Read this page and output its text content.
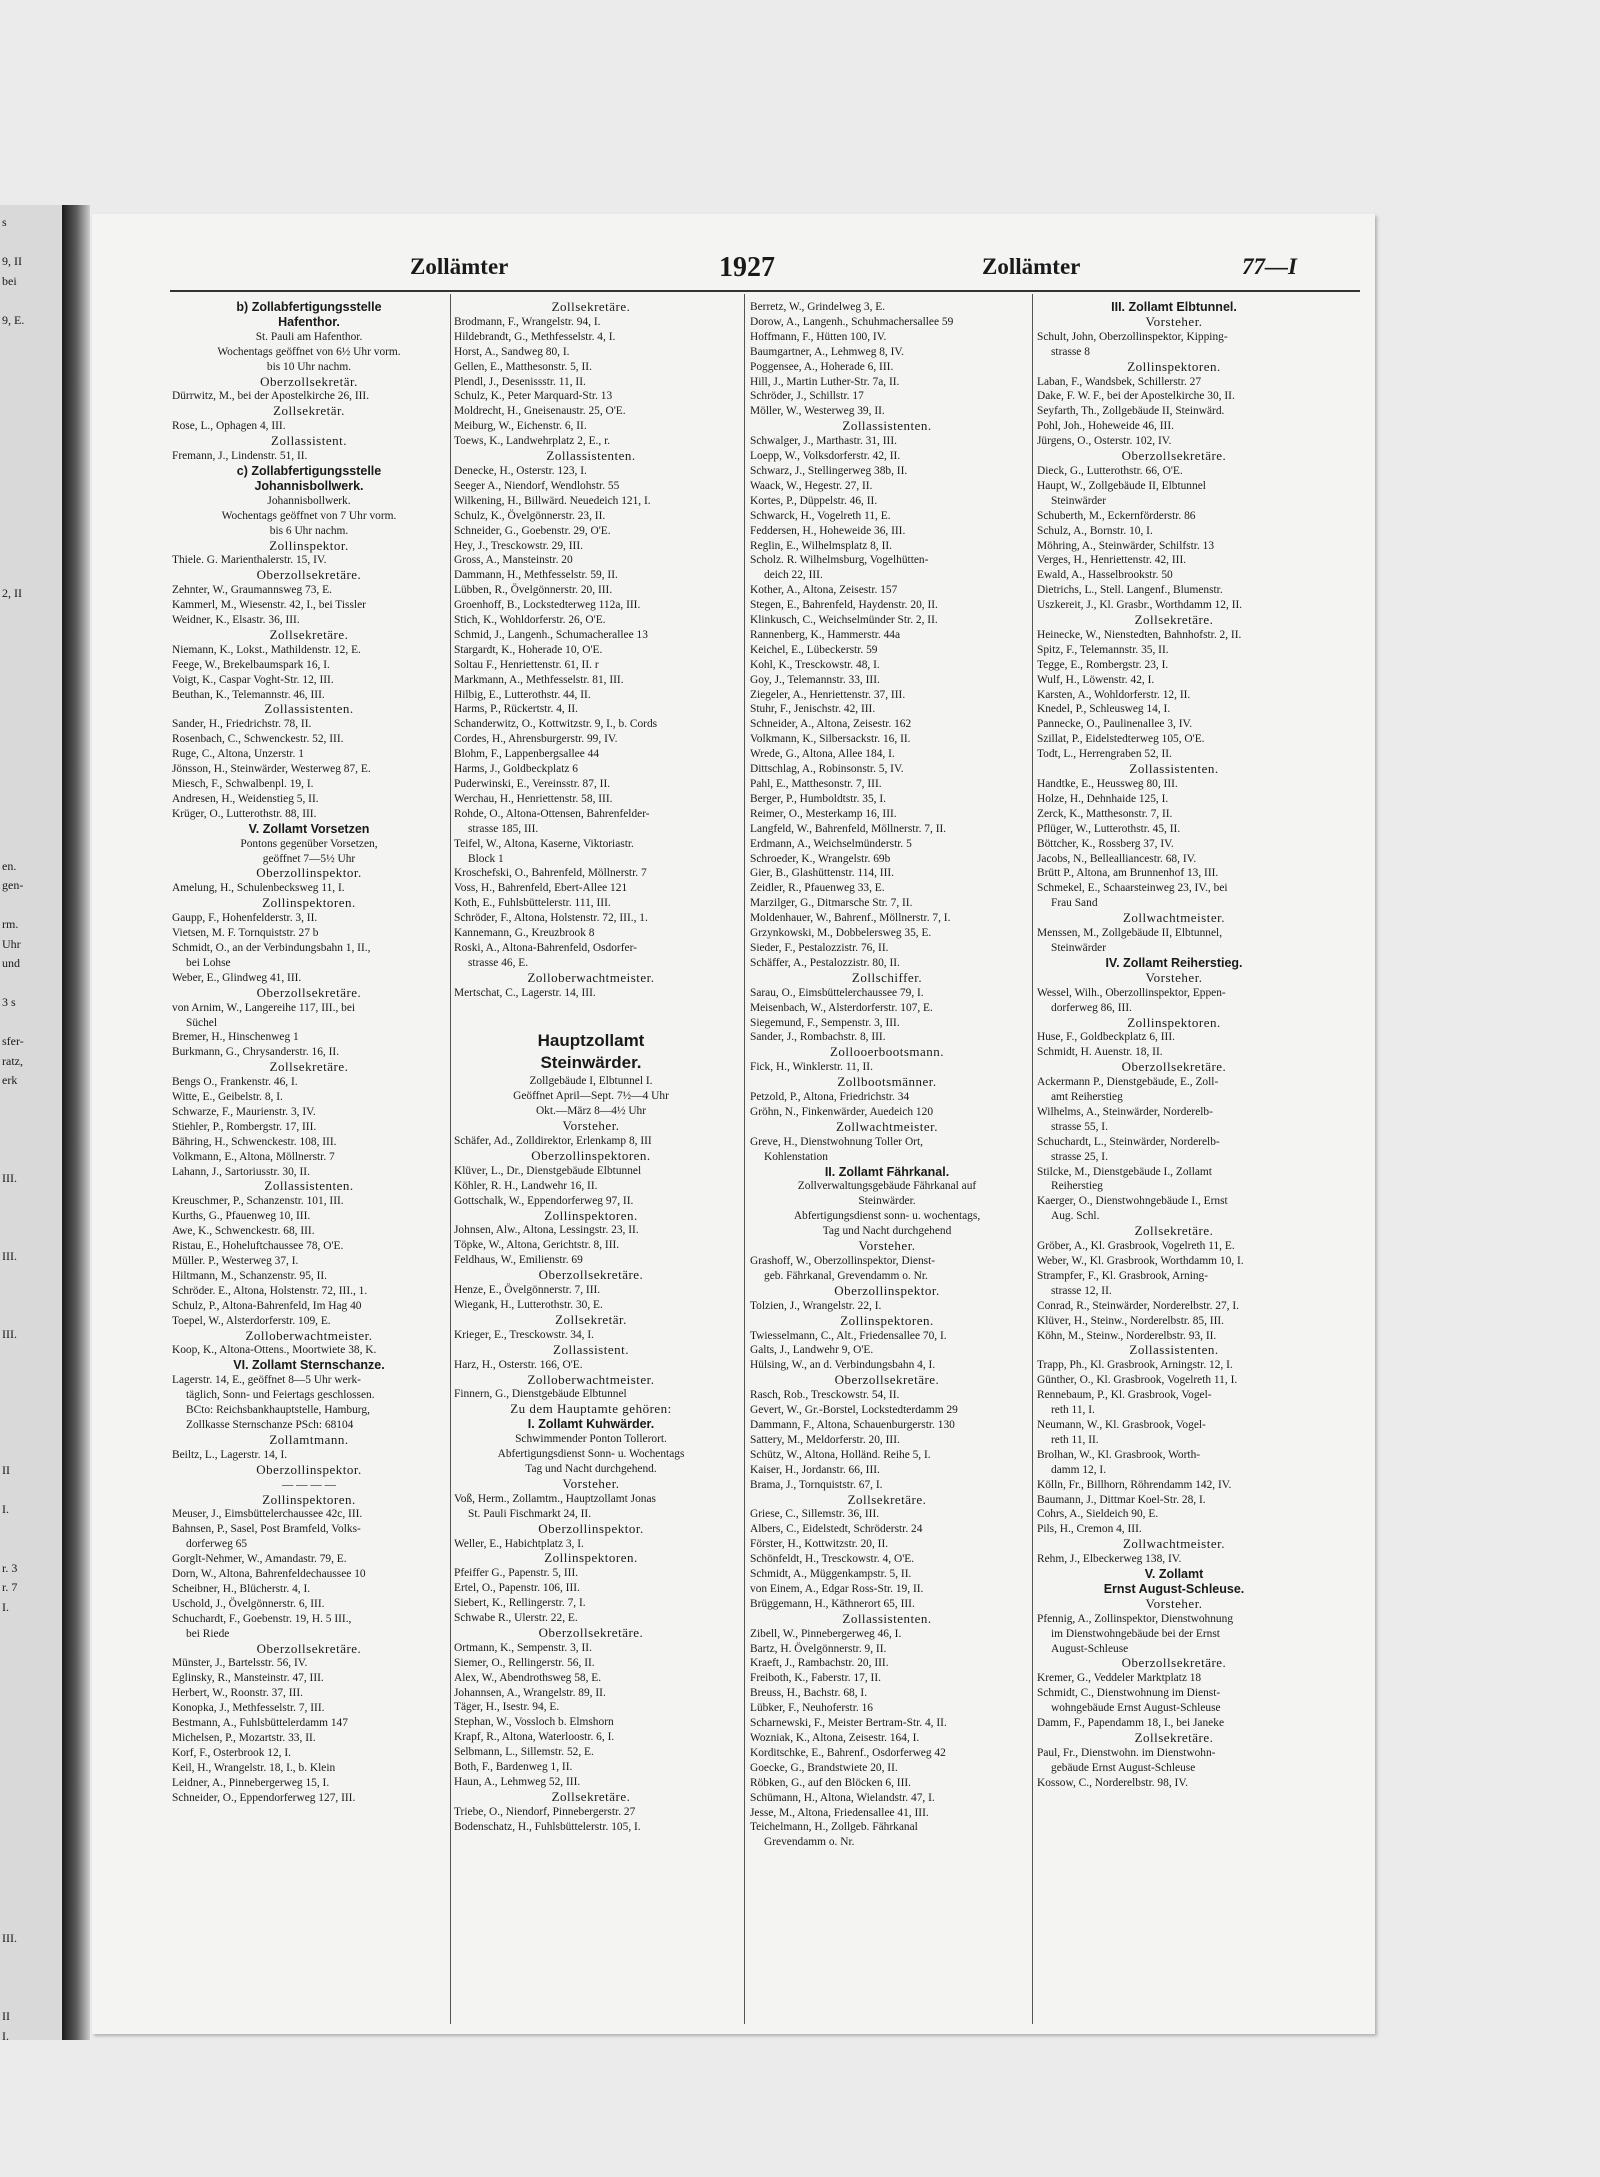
s
9, II
bei
9, E.
2, II
en.
gen-
rm.
Uhr
und
3 s
sfer-
ratz,
erk
III.
III.
III.
II
I.
r. 3
r. 7
I.
III.
II
I.
Zollämter	1927	Zollämter	77—I
b) Zollabfertigungsstelle
Hafenthor.
St. Pauli am Hafenthor.
Wochentags geöffnet von 6½ Uhr vorm.
bis 10 Uhr nachm.
Oberzollsekretär.
Dürrwitz, M., bei der Apostelkirche 26, III.
Zollsekretär.
Rose, L., Ophagen 4, III.
Zollassistent.
Fremann, J., Lindenstr. 51, II.
c) Zollabfertigungsstelle
Johannisbollwerk.
Johannisbollwerk.
Wochentags geöffnet von 7 Uhr vorm.
bis 6 Uhr nachm.
Zollinspektor.
Thiele. G. Marienthalerstr. 15, IV.
Oberzollsekretäre.
Zehnter, W., Graumannsweg 73, E.
Kammerl, M., Wiesenstr. 42, I., bei Tissler
Weidner, K., Elsastr. 36, III.
Zollsekretäre.
Niemann, K., Lokst., Mathildenstr. 12, E.
Feege, W., Brekelbaumspark 16, I.
Voigt, K., Caspar Voght-Str. 12, III.
Beuthan, K., Telemannstr. 46, III.
Zollassistenten.
Sander, H., Friedrichstr. 78, II.
Rosenbach, C., Schwenckestr. 52, III.
Ruge, C., Altona, Unzerstr. 1
Jönsson, H., Steinwärder, Westerweg 87, E.
Miesch, F., Schwalbenpl. 19, I.
Andresen, H., Weidenstieg 5, II.
Krüger, O., Lutterothstr. 88, III.
V. Zollamt Vorsetzen
Pontons gegenüber Vorsetzen,
geöffnet 7—5½ Uhr
Oberzollinspektor.
Amelung, H., Schulenbecksweg 11, I.
Zollinspektoren.
Gaupp, F., Hohenfelderstr. 3, II.
Vietsen, M. F. Tornquiststr. 27 b
Schmidt, O., an der Verbindungsbahn 1, II.,
bei Lohse
Weber, E., Glindweg 41, III.
Oberzollsekretäre.
von Arnim, W., Langereihe 117, III., bei
Süchel
Bremer, H., Hinschenweg 1
Burkmann, G., Chrysanderstr. 16, II.
Zollsekretäre.
Bengs O., Frankenstr. 46, I.
Witte, E., Geibelstr. 8, I.
Schwarze, F., Maurienstr. 3, IV.
Stiehler, P., Rombergstr. 17, III.
Bähring, H., Schwenckestr. 108, III.
Volkmann, E., Altona, Möllnerstr. 7
Lahann, J., Sartoriusstr. 30, II.
Zollassistenten.
Kreuschmer, P., Schanzenstr. 101, III.
Kurths, G., Pfauenweg 10, III.
Awe, K., Schwenckestr. 68, III.
Ristau, E., Hoheluftchaussee 78, O'E.
Müller. P., Westerweg 37, I.
Hiltmann, M., Schanzenstr. 95, II.
Schröder. E., Altona, Holstenstr. 72, III., 1.
Schulz, P., Altona-Bahrenfeld, Im Hag 40
Toepel, W., Alsterdorferstr. 109, E.
Zolloberwachtmeister.
Koop, K., Altona-Ottens., Moortwiete 38, K.
VI. Zollamt Sternschanze.
Lagerstr. 14, E., geöffnet 8—5 Uhr werk-
täglich, Sonn- und Feiertags geschlossen.
BCto: Reichsbankhauptstelle, Hamburg,
Zollkasse Sternschanze PSch: 68104
Zollamtmann.
Beiltz, L., Lagerstr. 14, I.
Oberzollinspektor.
— — — —
Zollinspektoren.
Meuser, J., Eimsbüttelerchaussee 42c, III.
Bahnsen, P., Sasel, Post Bramfeld, Volks-
dorferweg 65
Gorglt-Nehmer, W., Amandastr. 79, E.
Dorn, W., Altona, Bahrenfeldechaussee 10
Scheibner, H., Blücherstr. 4, I.
Uschold, J., Övelgönnerstr. 6, III.
Schuchardt, F., Goebenstr. 19, H. 5 III.,
bei Riede
Oberzollsekretäre.
Münster, J., Bartelsstr. 56, IV.
Eglinsky, R., Mansteinstr. 47, III.
Herbert, W., Roonstr. 37, III.
Konopka, J., Methfesselstr. 7, III.
Bestmann, A., Fuhlsbüttelerdamm 147
Michelsen, P., Mozartstr. 33, II.
Korf, F., Osterbrook 12, I.
Keil, H., Wrangelstr. 18, I., b. Klein
Leidner, A., Pinnebergerweg 15, I.
Schneider, O., Eppendorferweg 127, III.
Zollsekretäre.
Brodmann, F., Wrangelstr. 94, I.
Hildebrandt, G., Methfesselstr. 4, I.
Horst, A., Sandweg 80, I.
Gellen, E., Matthesonstr. 5, II.
Plendl, J., Desenissstr. 11, II.
Schulz, K., Peter Marquard-Str. 13
Moldrecht, H., Gneisenaustr. 25, O'E.
Meiburg, W., Eichenstr. 6, II.
Toews, K., Landwehrplatz 2, E., r.
Zollassistenten.
Denecke, H., Osterstr. 123, I.
Seeger A., Niendorf, Wendlohstr. 55
Wilkening, H., Billwärd. Neuedeich 121, I.
Schulz, K., Övelgönnerstr. 23, II.
Schneider, G., Goebenstr. 29, O'E.
Hey, J., Tresckowstr. 29, III.
Gross, A., Mansteinstr. 20
Dammann, H., Methfesselstr. 59, II.
Lübben, R., Övelgönnerstr. 20, III.
Groenhoff, B., Lockstedterweg 112a, III.
Stich, K., Wohldorferstr. 26, O'E.
Schmid, J., Langenh., Schumacherallee 13
Stargardt, K., Hoheradе 10, O'E.
Soltau F., Henriettenstr. 61, II. r
Markmann, A., Methfesselstr. 81, III.
Hilbig, E., Lutterothstr. 44, II.
Harms, P., Rückertstr. 4, II.
Schanderwitz, O., Kottwitzstr. 9, I., b. Cords
Cordes, H., Ahrensburgerstr. 99, IV.
Blohm, F., Lappenbergsallee 44
Harms, J., Goldbeckplatz 6
Puderwinski, E., Vereinsstr. 87, II.
Werchau, H., Henriettenstr. 58, III.
Rohde, O., Altona-Ottensen, Bahrenfelder-
strasse 185, III.
Teifel, W., Altona, Kaserne, Viktoriastr.
Block 1
Kroschefski, O., Bahrenfeld, Möllnerstr. 7
Voss, H., Bahrenfeld, Ebert-Allee 121
Koth, E., Fuhlsbüttelerstr. 111, III.
Schröder, F., Altona, Holstenstr. 72, III., 1.
Kannemann, G., Kreuzbrook 8
Roski, A., Altona-Bahrenfeld, Osdorfer-
strasse 46, E.
Zolloberwachtmeister.
Mertschat, C., Lagerstr. 14, III.

Hauptzollamt
Steinwärder.
Zollgebäude I, Elbtunnel I.
Geöffnet April—Sept. 7½—4 Uhr
Okt.—März 8—4½ Uhr
Vorsteher.
Schäfer, Ad., Zolldirektor, Erlenkamp 8, III
Oberzollinspektoren.
Klüver, L., Dr., Dienstgebäude Elbtunnel
Köhler, R. H., Landwehr 16, II.
Gottschalk, W., Eppendorferweg 97, II.
Zollinspektoren.
Johnsen, Alw., Altona, Lessingstr. 23, II.
Töpke, W., Altona, Gerichtstr. 8, III.
Feldhaus, W., Emilienstr. 69
Oberzollsekretäre.
Henze, E., Övelgönnerstr. 7, III.
Wiegank, H., Lutterothstr. 30, E.
Zollsekretär.
Krieger, E., Tresckowstr. 34, I.
Zollassistent.
Harz, H., Osterstr. 166, O'E.
Zolloberwachtmeister.
Finnern, G., Dienstgebäude Elbtunnel
Zu dem Hauptamte gehören:
I. Zollamt Kuhwärder.
Schwimmender Ponton Tollerort.
Abfertigungsdienst Sonn- u. Wochentags
Tag und Nacht durchgehend.
Vorsteher.
Voß, Herm., Zollamtm., Hauptzollamt Jonas
St. Pauli Fischmarkt 24, II.
Oberzollinspektor.
Weller, E., Habichtplatz 3, I.
Zollinspektoren.
Pfeiffer G., Papenstr. 5, III.
Ertel, O., Papenstr. 106, III.
Siebert, K., Rellingerstr. 7, I.
Schwabe R., Ulerstr. 22, E.
Oberzollsekretäre.
Ortmann, K., Sempenstr. 3, II.
Siemer, O., Rellingerstr. 56, II.
Alex, W., Abendrothsweg 58, E.
Johannsen, A., Wrangelstr. 89, II.
Täger, H., Isestr. 94, E.
Stephan, W., Vossloch b. Elmshorn
Krapf, R., Altona, Waterloostr. 6, I.
Selbmann, L., Sillemstr. 52, E.
Both, F., Bardenweg 1, II.
Haun, A., Lehmweg 52, III.
Zollsekretäre.
Triebe, O., Niendorf, Pinnebergerstr. 27
Bodenschatz, H., Fuhlsbüttelerstr. 105, I.
Berretz, W., Grindelweg 3, E.
Dorow, A., Langenh., Schuhmachersallee 59
Hoffmann, F., Hütten 100, IV.
Baumgartner, A., Lehmweg 8, IV.
Poggensee, A., Hoherade 6, III.
Hill, J., Martin Luther-Str. 7a, II.
Schröder, J., Schillstr. 17
Möller, W., Westerweg 39, II.
Zollassistenten.
Schwalger, J., Marthastr. 31, III.
Loepp, W., Volksdorferstr. 42, II.
Schwarz, J., Stellingerweg 38b, II.
Waack, W., Hegestr. 27, II.
Kortes, P., Düppelstr. 46, II.
Schwarck, H., Vogelreth 11, E.
Feddersen, H., Hoheweide 36, III.
Reglin, E., Wilhelmsplatz 8, II.
Scholz. R. Wilhelmsburg, Vogelhütten-
deich 22, III.
Kother, A., Altona, Zeisestr. 157
Stegen, E., Bahrenfeld, Haydenstr. 20, II.
Klinkusch, C., Weichselmünder Str. 2, II.
Rannenberg, K., Hammerstr. 44a
Keichel, E., Lübeckerstr. 59
Kohl, K., Tresckowstr. 48, I.
Goy, J., Telemannstr. 33, III.
Ziegeler, A., Henriettenstr. 37, III.
Stuhr, F., Jenischstr. 42, III.
Schneider, A., Altona, Zeisestr. 162
Volkmann, K., Silbersackstr. 16, II.
Wrede, G., Altona, Allee 184, I.
Dittschlag, A., Robinsonstr. 5, IV.
Pahl, E., Matthesonstr. 7, III.
Berger, P., Humboldtstr. 35, I.
Reimer, O., Mesterkamp 16, III.
Langfeld, W., Bahrenfeld, Möllnerstr. 7, II.
Erdmann, A., Weichselmünderstr. 5
Schroeder, K., Wrangelstr. 69b
Gier, B., Glashüttenstr. 114, III.
Zeidler, R., Pfauenweg 33, E.
Marzilger, G., Ditmarsche Str. 7, II.
Moldenhauer, W., Bahrenf., Möllnerstr. 7, I.
Grzynkowski, M., Dobbelersweg 35, E.
Sieder, F., Pestalozzistr. 76, II.
Schäffer, A., Pestalozzistr. 80, II.
Zollschiffer.
Sarau, O., Eimsbüttelerchaussee 79, I.
Meisenbach, W., Alsterdorferstr. 107, E.
Siegemund, F., Sempenstr. 3, III.
Sander, J., Rombachstr. 8, III.
Zollooerbootsmann.
Fick, H., Winklerstr. 11, II.
Zollbootsmänner.
Petzold, P., Altona, Friedrichstr. 34
Gröhn, N., Finkenwärder, Auedeich 120
Zollwachtmeister.
Greve, H., Dienstwohnung Toller Ort,
Kohlenstation
II. Zollamt Fährkanal.
Zollverwaltungsgebäude Fährkanal auf
Steinwärder.
Abfertigungsdienst sonn- u. wochentags,
Tag und Nacht durchgehend
Vorsteher.
Grashoff, W., Oberzollinspektor, Dienst-
geb. Fährkanal, Grevendamm o. Nr.
Oberzollinspektor.
Tolzien, J., Wrangelstr. 22, I.
Zollinspektoren.
Twiesselmann, C., Alt., Friedensallee 70, I.
Galts, J., Landwehr 9, O'E.
Hülsing, W., an d. Verbindungsbahn 4, I.
Oberzollsekretäre.
Rasch, Rob., Tresckowstr. 54, II.
Gevert, W., Gr.-Borstel, Lockstedterdamm 29
Dammann, F., Altona, Schauenburgerstr. 130
Sattery, M., Meldorferstr. 20, III.
Schütz, W., Altona, Holländ. Reihe 5, I.
Kaiser, H., Jordanstr. 66, III.
Brama, J., Tornquiststr. 67, I.
Zollsekretäre.
Griese, C., Sillemstr. 36, III.
Albers, C., Eidelstedt, Schröderstr. 24
Förster, H., Kottwitzstr. 20, II.
Schönfeldt, H., Tresckowstr. 4, O'E.
Schmidt, A., Müggenkampstr. 5, II.
von Einem, A., Edgar Ross-Str. 19, II.
Brüggemann, H., Käthnerort 65, III.
Zollassistenten.
Zibell, W., Pinnebergerweg 46, I.
Bartz, H. Övelgönnerstr. 9, II.
Kraeft, J., Rambachstr. 20, III.
Freiboth, K., Faberstr. 17, II.
Breuss, H., Bachstr. 68, I.
Lübker, F., Neuhoferstr. 16
Scharnewski, F., Meister Bertram-Str. 4, II.
Wozniak, K., Altona, Zeisestr. 164, I.
Korditschke, E., Bahrenf., Osdorferweg 42
Goecke, G., Brandstwiete 20, II.
Röbken, G., auf den Blöcken 6, III.
Schümann, H., Altona, Wielandstr. 47, I.
Jesse, M., Altona, Friedensallee 41, III.
Teichelmann, H., Zollgeb. Fährkanal
Grevendamm o. Nr.
III. Zollamt Elbtunnel.
Vorsteher.
Schult, John, Oberzollinspektor, Kipping-
strasse 8
Zollinspektoren.
Laban, F., Wandsbek, Schillerstr. 27
Dake, F. W. F., bei der Apostelkirche 30, II.
Seyfarth, Th., Zollgebäude II, Steinwärd.
Pohl, Joh., Hoheweide 46, III.
Jürgens, O., Osterstr. 102, IV.
Oberzollsekretäre.
Dieck, G., Lutterothstr. 66, O'E.
Haupt, W., Zollgebäude II, Elbtunnel
Steinwärder
Schuberth, M., Eckernförderstr. 86
Schulz, A., Bornstr. 10, I.
Möhring, A., Steinwärder, Schilfstr. 13
Verges, H., Henriettenstr. 42, III.
Ewald, A., Hasselbrookstr. 50
Dietrichs, L., Stell. Langenf., Blumenstr.
Uszkereit, J., Kl. Grasbr., Worthdamm 12, II.
Zollsekretäre.
Heinecke, W., Nienstedten, Bahnhofstr. 2, II.
Spitz, F., Telemannstr. 35, II.
Tegge, E., Rombergstr. 23, I.
Wulf, H., Löwenstr. 42, I.
Karsten, A., Wohldorferstr. 12, II.
Knedel, P., Schleusweg 14, I.
Pannecke, O., Paulinenallee 3, IV.
Szillat, P., Eidelstedterweg 105, O'E.
Todt, L., Herrengraben 52, II.
Zollassistenten.
Handtke, E., Heussweg 80, III.
Holze, H., Dehnhaide 125, I.
Zerck, K., Matthesonstr. 7, II.
Pflüger, W., Lutterothstr. 45, II.
Böttcher, K., Rossberg 37, IV.
Jacobs, N., Bellealliancestr. 68, IV.
Brütt P., Altona, am Brunnenhof 13, III.
Schmekel, E., Schaarsteinweg 23, IV., bei
Frau Sand
Zollwachtmeister.
Menssen, M., Zollgebäude II, Elbtunnel,
Steinwärder
IV. Zollamt Reiherstieg.
Vorsteher.
Wessel, Wilh., Oberzollinspektor, Eppen-
dorferweg 86, III.
Zollinspektoren.
Huse, F., Goldbeckplatz 6, III.
Schmidt, H. Auenstr. 18, II.
Oberzollsekretäre.
Ackermann P., Dienstgebäude, E., Zoll-
amt Reiherstieg
Wilhelms, A., Steinwärder, Norderelb-
strasse 55, I.
Schuchardt, L., Steinwärder, Norderelb-
strasse 25, I.
Stilcke, M., Dienstgebäude I., Zollamt
Reiherstieg
Kaerger, O., Dienstwohngebäude I., Ernst
Aug. Schl.
Zollsekretäre.
Gröber, A., Kl. Grasbrook, Vogelreth 11, E.
Weber, W., Kl. Grasbrook, Worthdamm 10, I.
Strampfer, F., Kl. Grasbrook, Arning-
strasse 12, II.
Conrad, R., Steinwärder, Norderelbstr. 27, I.
Klüver, H., Steinw., Norderelbstr. 85, III.
Köhn, M., Steinw., Norderelbstr. 93, II.
Zollassistenten.
Trapp, Ph., Kl. Grasbrook, Arningstr. 12, I.
Günther, O., Kl. Grasbrook, Vogelreth 11, I.
Rennebaum, P., Kl. Grasbrook, Vogel-
reth 11, I.
Neumann, W., Kl. Grasbrook, Vogel-
reth 11, II.
Brolhan, W., Kl. Grasbrook, Worth-
damm 12, I.
Kölln, Fr., Billhorn, Röhrendamm 142, IV.
Baumann, J., Dittmar Koel-Str. 28, I.
Cohrs, A., Sieldeich 90, E.
Pils, H., Cremon 4, III.
Zollwachtmeister.
Rehm, J., Elbeckerweg 138, IV.
V. Zollamt
Ernst August-Schleuse.
Vorsteher.
Pfennig, A., Zollinspektor, Dienstwohnung
im Dienstwohngebäude bei der Ernst
August-Schleuse
Oberzollsekretäre.
Kremer, G., Veddeler Marktplatz 18
Schmidt, C., Dienstwohnung im Dienst-
wohngebäude Ernst August-Schleuse
Damm, F., Papendamm 18, I., bei Janeke
Zollsekretäre.
Paul, Fr., Dienstwohn. im Dienstwohn-
gebäude Ernst August-Schleuse
Kossow, C., Norderelbstr. 98, IV.
